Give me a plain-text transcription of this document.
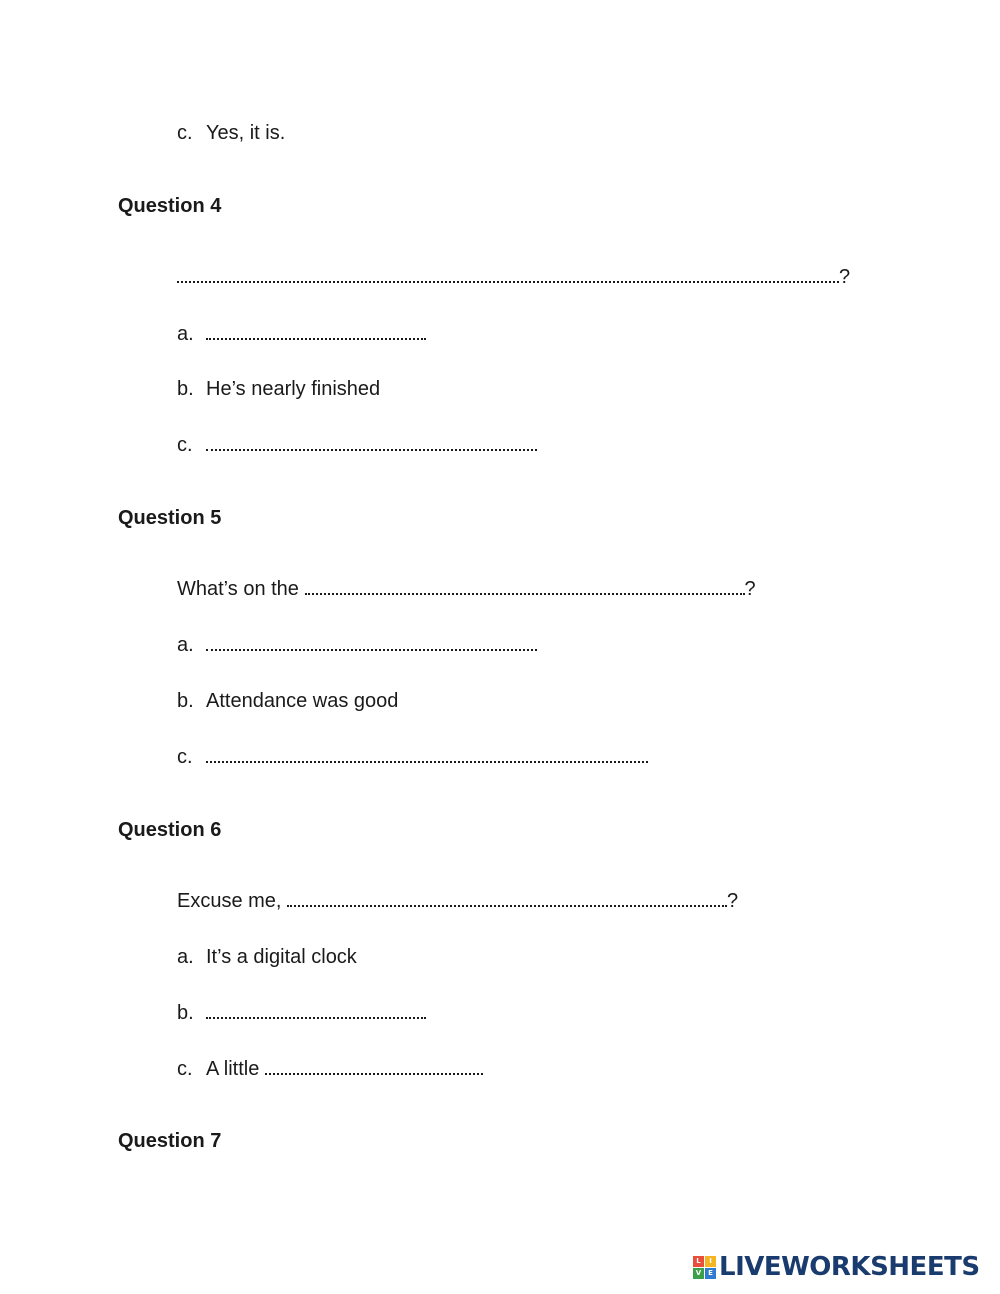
c. Yes, it is.
Question 4
?
a.
b. He’s nearly finished
c.
Question 5
What’s on the	?
a.
b. Attendance was good
c.
Question 6
Excuse me,	?
a. It’s a digital clock
b.
c. A little
Question 7
L	I
V E LIVEWORKSHEETS
